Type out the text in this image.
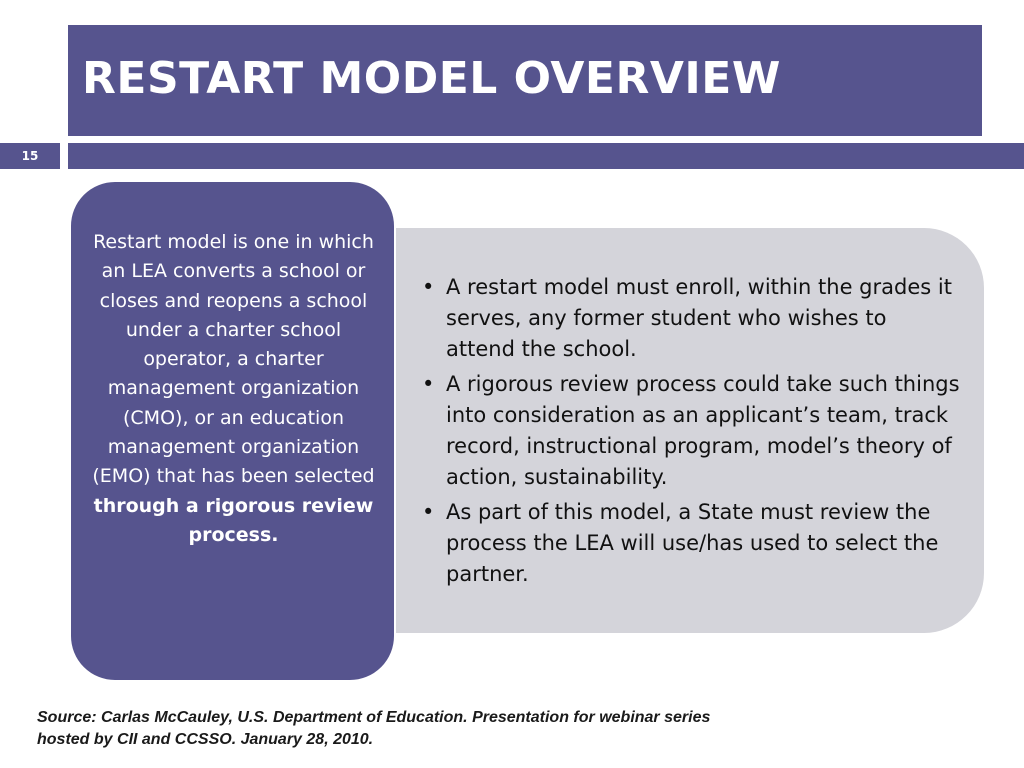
RESTART MODEL OVERVIEW
15
• A restart model must enroll, within the grades it serves, any former student who wishes to attend the school.
• A rigorous review process could take such things into consideration as an applicant’s team, track record, instructional program, model’s theory of action, sustainability.
• As part of this model, a State must review the process the LEA will use/has used to select the partner.
Restart model is one in which an LEA converts a school or closes and reopens a school under a charter school operator, a charter management organization (CMO), or an education management organization (EMO) that has been selected through a rigorous review process.
Source: Carlas McCauley, U.S. Department of Education. Presentation for webinar series
hosted by CII and CCSSO. January 28, 2010.
